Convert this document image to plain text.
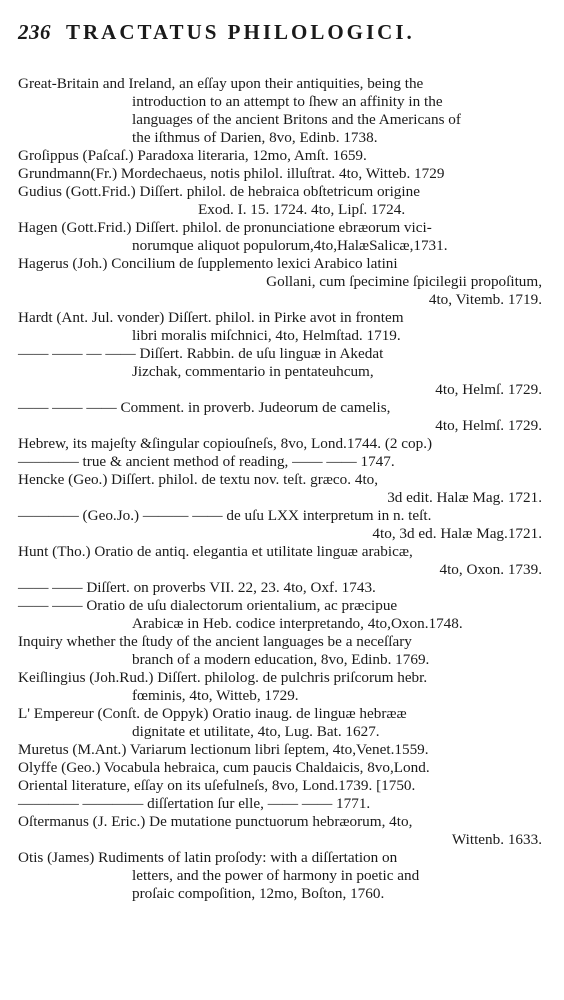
236 TRACTATUS PHILOLOGICI.
Great-Britain and Ireland, an eſſay upon their antiquities, being the
introduction to an attempt to ſhew an affinity in the
languages of the ancient Britons and the Americans of
the iſthmus of Darien, 8vo, Edinb. 1738.
Groſippus (Paſcaſ.) Paradoxa literaria, 12mo, Amſt. 1659.
Grundmann(Fr.) Mordechaeus, notis philol. illuſtrat. 4to, Witteb. 1729
Gudius (Gott.Frid.) Diſſert. philol. de hebraica obſtetricum origine
Exod. I. 15. 1724. 4to, Lipſ. 1724.
Hagen (Gott.Frid.) Diſſert. philol. de pronunciatione ebræorum vici-
norumque aliquot populorum,4to,HalæSalicæ,1731.
Hagerus (Joh.) Concilium de ſupplemento lexici Arabico latini
Gollani, cum ſpecimine ſpicilegii propoſitum,
4to, Vitemb. 1719.
Hardt (Ant. Jul. vonder) Diſſert. philol. in Pirke avot in frontem
libri moralis miſchnici, 4to, Helmſtad. 1719.
—— —— — —— Diſſert. Rabbin. de uſu linguæ in Akedat
Jizchak, commentario in pentateuhcum,
4to, Helmſ. 1729.
—— —— —— Comment. in proverb. Judeorum de camelis,
4to, Helmſ. 1729.
Hebrew, its majeſty &ſingular copiouſneſs, 8vo, Lond.1744. (2 cop.)
———— true & ancient method of reading, —— —— 1747.
Hencke (Geo.) Diſſert. philol. de textu nov. teſt. græco. 4to,
3d edit. Halæ Mag. 1721.
———— (Geo.Jo.) ——— —— de uſu LXX interpretum in n. teſt.
4to, 3d ed. Halæ Mag.1721.
Hunt (Tho.) Oratio de antiq. elegantia et utilitate linguæ arabicæ,
4to, Oxon. 1739.
—— —— Diſſert. on proverbs VII. 22, 23. 4to, Oxf. 1743.
—— —— Oratio de uſu dialectorum orientalium, ac præcipue
Arabicæ in Heb. codice interpretando, 4to,Oxon.1748.
Inquiry whether the ſtudy of the ancient languages be a neceſſary
branch of a modern education, 8vo, Edinb. 1769.
Keiſlingius (Joh.Rud.) Diſſert. philolog. de pulchris priſcorum hebr.
fœminis, 4to, Witteb, 1729.
L' Empereur (Conſt. de Oppyk) Oratio inaug. de linguæ hebrææ
dignitate et utilitate, 4to, Lug. Bat. 1627.
Muretus (M.Ant.) Variarum lectionum libri ſeptem, 4to,Venet.1559.
Olyffe (Geo.) Vocabula hebraica, cum paucis Chaldaicis, 8vo,Lond.
Oriental literature, eſſay on its uſefulneſs, 8vo, Lond.1739. [1750.
———— ———— diſſertation ſur elle, —— —— 1771.
Oſtermanus (J. Eric.) De mutatione punctuorum hebræorum, 4to,
Wittenb. 1633.
Otis (James) Rudiments of latin proſody: with a diſſertation on
letters, and the power of harmony in poetic and
proſaic compoſition, 12mo, Boſton, 1760.
